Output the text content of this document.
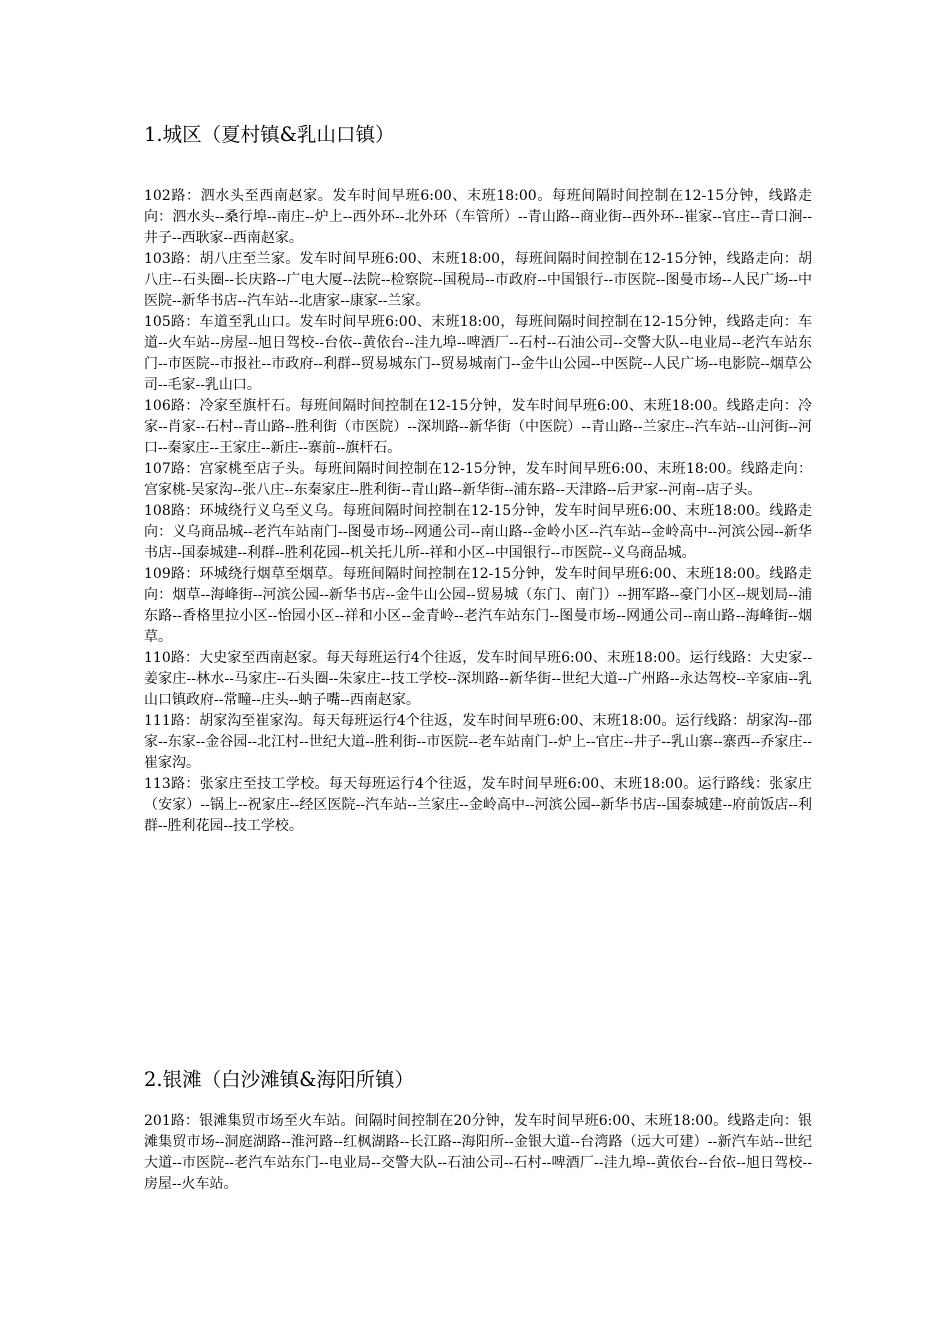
1.城区（夏村镇&乳山口镇）

102路：泗水头至西南赵家。发车时间早班6:00、末班18:00。每班间隔时间控制在12-15分钟，线路走向：泗水头--桑行埠--南庄--炉上--西外环--北外环（车管所）--青山路--商业街--西外环--崔家--官庄--青口涧--井子--西耿家--西南赵家。

103路：胡八庄至兰家。发车时间早班6:00、末班18:00，每班间隔时间控制在12-15分钟，线路走向：胡八庄--石头圈--长庆路--广电大厦--法院--检察院--国税局--市政府--中国银行--市医院--图曼市场--人民广场--中医院--新华书店--汽车站--北唐家--康家--兰家。

105路：车道至乳山口。发车时间早班6:00、末班18:00，每班间隔时间控制在12-15分钟，线路走向：车道--火车站--房屋--旭日驾校--台依--黄依台--洼九埠--啤酒厂--石村--石油公司--交警大队--电业局--老汽车站东门--市医院--市报社--市政府--利群--贸易城东门--贸易城南门--金牛山公园--中医院--人民广场--电影院--烟草公司--毛家--乳山口。

106路：冷家至旗杆石。每班间隔时间控制在12-15分钟，发车时间早班6:00、末班18:00。线路走向：冷家--肖家--石村--青山路--胜利街（市医院）--深圳路--新华街（中医院）--青山路--兰家庄--汽车站--山河街--河口--秦家庄--王家庄--新庄--寨前--旗杆石。

107路：宫家桃至店子头。每班间隔时间控制在12-15分钟，发车时间早班6:00、末班18:00。线路走向：宫家桃-吴家沟--张八庄--东秦家庄--胜利街--青山路--新华街--浦东路--天津路--后尹家--河南--店子头。

108路：环城绕行义乌至义乌。每班间隔时间控制在12-15分钟，发车时间早班6:00、末班18:00。线路走向：义乌商品城--老汽车站南门--图曼市场--网通公司--南山路--金岭小区--汽车站--金岭高中--河滨公园--新华书店--国泰城建--利群--胜利花园--机关托儿所--祥和小区--中国银行--市医院--义乌商品城。

109路：环城绕行烟草至烟草。每班间隔时间控制在12-15分钟，发车时间早班6:00、末班18:00。线路走向：烟草--海峰街--河滨公园--新华书店--金牛山公园--贸易城（东门、南门）--拥军路--豪门小区--规划局--浦东路--香格里拉小区--怡园小区--祥和小区--金青岭--老汽车站东门--图曼市场--网通公司--南山路--海峰街--烟草。

110路：大史家至西南赵家。每天每班运行4个往返，发车时间早班6:00、末班18:00。运行线路：大史家--姜家庄--林水--马家庄--石头圈--朱家庄--技工学校--深圳路--新华街--世纪大道--广州路--永达驾校--辛家庙--乳山口镇政府--常疃--庄头--蚋子嘴--西南赵家。

111路：胡家沟至崔家沟。每天每班运行4个往返，发车时间早班6:00、末班18:00。运行线路：胡家沟--邵家--东家--金谷园--北江村--世纪大道--胜利街--市医院--老车站南门--炉上--官庄--井子--乳山寨--寨西--乔家庄--崔家沟。

113路：张家庄至技工学校。每天每班运行4个往返，发车时间早班6:00、末班18:00。运行路线：张家庄（安家）--锅上--祝家庄--经区医院--汽车站--兰家庄--金岭高中--河滨公园--新华书店--国泰城建--府前饭店--利群--胜利花园--技工学校。

2.银滩（白沙滩镇&海阳所镇）

201路：银滩集贸市场至火车站。间隔时间控制在20分钟，发车时间早班6:00、末班18:00。线路走向：银滩集贸市场--洞庭湖路--淮河路--红枫湖路--长江路--海阳所--金银大道--台湾路（远大可建）--新汽车站--世纪大道--市医院--老汽车站东门--电业局--交警大队--石油公司--石村--啤酒厂--洼九埠--黄依台--台依--旭日驾校--房屋--火车站。
